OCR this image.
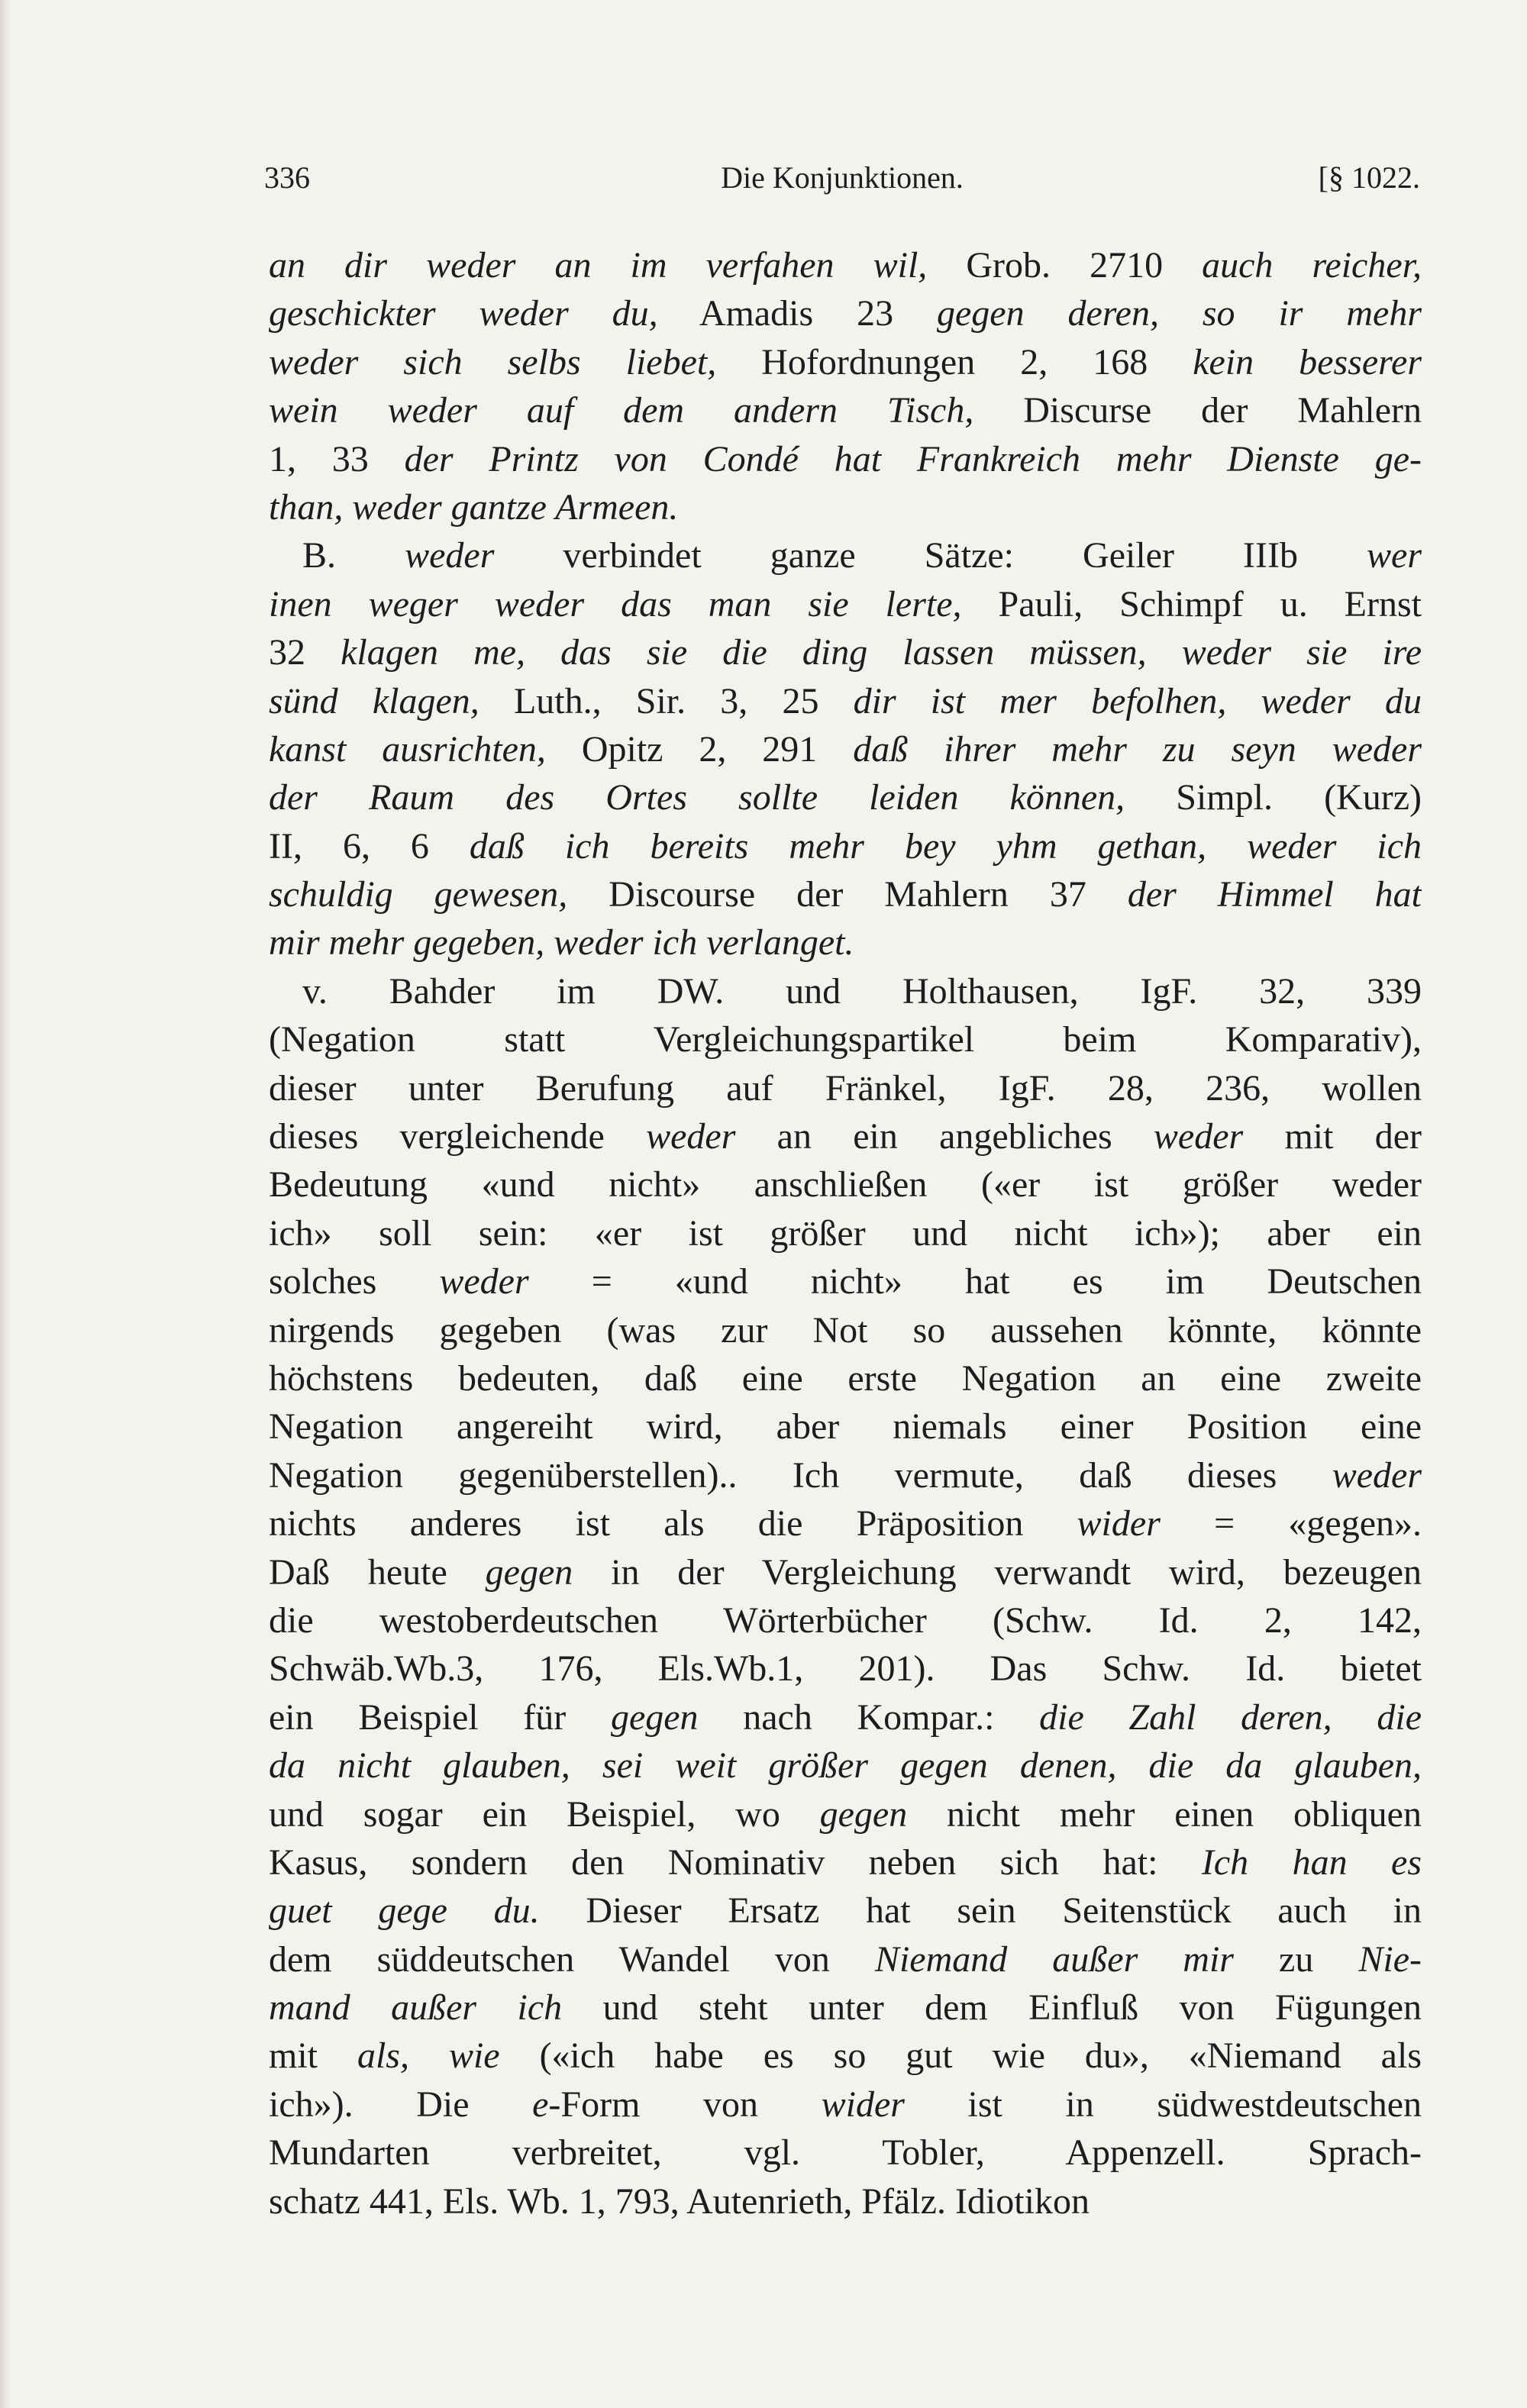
336	Die Konjunktionen.	[§ 1022.
an dir weder an im verfahen wil, Grob. 2710 auch reicher,
geschickter weder du, Amadis 23 gegen deren, so ir mehr
weder sich selbs liebet, Hofordnungen 2, 168 kein besserer
wein weder auf dem andern Tisch, Discurse der Mahlern
1, 33 der Printz von Condé hat Frankreich mehr Dienste ge-
than, weder gantze Armeen.
B. weder verbindet ganze Sätze: Geiler IIIb wer
inen weger weder das man sie lerte, Pauli, Schimpf u. Ernst
32 klagen me, das sie die ding lassen müssen, weder sie ire
sünd klagen, Luth., Sir. 3, 25 dir ist mer befolhen, weder du
kanst ausrichten, Opitz 2, 291 daß ihrer mehr zu seyn weder
der Raum des Ortes sollte leiden können, Simpl. (Kurz)
II, 6, 6 daß ich bereits mehr bey yhm gethan, weder ich
schuldig gewesen, Discourse der Mahlern 37 der Himmel hat
mir mehr gegeben, weder ich verlanget.
v. Bahder im DW. und Holthausen, IgF. 32, 339
(Negation statt Vergleichungspartikel beim Komparativ),
dieser unter Berufung auf Fränkel, IgF. 28, 236, wollen
dieses vergleichende weder an ein angebliches weder mit der
Bedeutung «und nicht» anschließen («er ist größer weder
ich» soll sein: «er ist größer und nicht ich»); aber ein
solches weder = «und nicht» hat es im Deutschen
nirgends gegeben (was zur Not so aussehen könnte, könnte
höchstens bedeuten, daß eine erste Negation an eine zweite
Negation angereiht wird, aber niemals einer Position eine
Negation gegenüberstellen).. Ich vermute, daß dieses weder
nichts anderes ist als die Präposition wider = «gegen».
Daß heute gegen in der Vergleichung verwandt wird, bezeugen
die westoberdeutschen Wörterbücher (Schw. Id. 2, 142,
Schwäb.Wb.3, 176, Els.Wb.1, 201). Das Schw. Id. bietet
ein Beispiel für gegen nach Kompar.: die Zahl deren, die
da nicht glauben, sei weit größer gegen denen, die da glauben,
und sogar ein Beispiel, wo gegen nicht mehr einen obliquen
Kasus, sondern den Nominativ neben sich hat: Ich han es
guet gege du. Dieser Ersatz hat sein Seitenstück auch in
dem süddeutschen Wandel von Niemand außer mir zu Nie-
mand außer ich und steht unter dem Einfluß von Fügungen
mit als, wie («ich habe es so gut wie du», «Niemand als
ich»). Die e-Form von wider ist in südwestdeutschen
Mundarten verbreitet, vgl. Tobler, Appenzell. Sprach-
schatz 441, Els. Wb. 1, 793, Autenrieth, Pfälz. Idiotikon
